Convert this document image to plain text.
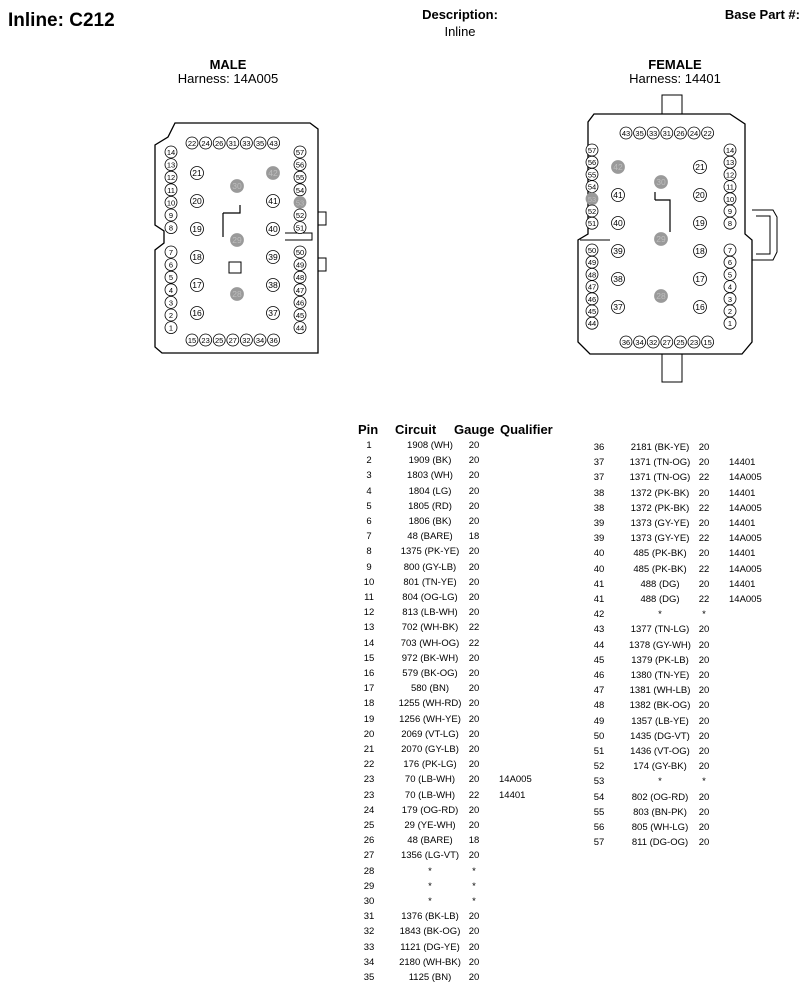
Inline: C212	Description:
Inline
Base Part #:
MALE
Harness: 14A005
FEMALE
Harness: 14401
22 24 26 31 33 35 43
15 23 25 27 32 34 36
14
13
12
11
10
9
8
7
6
5
4
3
2
1
57
56
55
54
53
52
51
50
49
48
47
46
45
44
21
20
19
18
17
16
42
41
40
39
38
37
30
29
28
43 35 33 31 26 24 22
36 34 32 27 25 23 15
57
56
55
54
53
52
51
50
49
48
47
46
45
44
14
13
12
11
10
9
8
7
6
5
4
3
2
1
42
41
40
39
38
37
21
20
19
18
17
16
30
29
28
Pin Circuit Gauge Qualifier
1	1908 (WH)	20
2	1909 (BK)	20
3	1803 (WH)	20
4	1804 (LG)	20
5	1805 (RD)	20
6	1806 (BK)	20
7	48 (BARE)	18
8	1375 (PK-YE) 20
9	800 (GY-LB)	20
10	801 (TN-YE)	20
11	804 (OG-LG)	20
12	813 (LB-WH)	20
13	702 (WH-BK)	22
14	703 (WH-OG) 22
15	972 (BK-WH)	20
16	579 (BK-OG)	20
17	580 (BN)	20
18	1255 (WH-RD) 20
19	1256 (WH-YE) 20
20	2069 (VT-LG)	20
21	2070 (GY-LB)	20
22	176 (PK-LG)	20
23	70 (LB-WH)	20	14A005
23	70 (LB-WH)	22	14401
24	179 (OG-RD)	20
25	29 (YE-WH)	20
26	48 (BARE)	18
27	1356 (LG-VT)	20
28	*	*
29	*	*
30	*	*
31	1376 (BK-LB)	20
32	1843 (BK-OG) 20
33	1121 (DG-YE) 20
34	2180 (WH-BK) 20
35	1125 (BN)	20
36	2181 (BK-YE) 20
37	1371 (TN-OG) 20	14401
37	1371 (TN-OG) 22	14A005
38	1372 (PK-BK) 20	14401
38	1372 (PK-BK) 22	14A005
39	1373 (GY-YE) 20	14401
39	1373 (GY-YE) 22	14A005
40	485 (PK-BK)	20	14401
40	485 (PK-BK)	22	14A005
41	488 (DG)	20	14401
41	488 (DG)	22	14A005
42	*	*
43	1377 (TN-LG) 20
44	1378 (GY-WH) 20
45	1379 (PK-LB)	20
46	1380 (TN-YE) 20
47	1381 (WH-LB) 20
48	1382 (BK-OG) 20
49	1357 (LB-YE)	20
50	1435 (DG-VT) 20
51	1436 (VT-OG) 20
52	174 (GY-BK)	20
53	*	*
54	802 (OG-RD)	20
55	803 (BN-PK)	20
56	805 (WH-LG)	20
57	811 (DG-OG)	20
